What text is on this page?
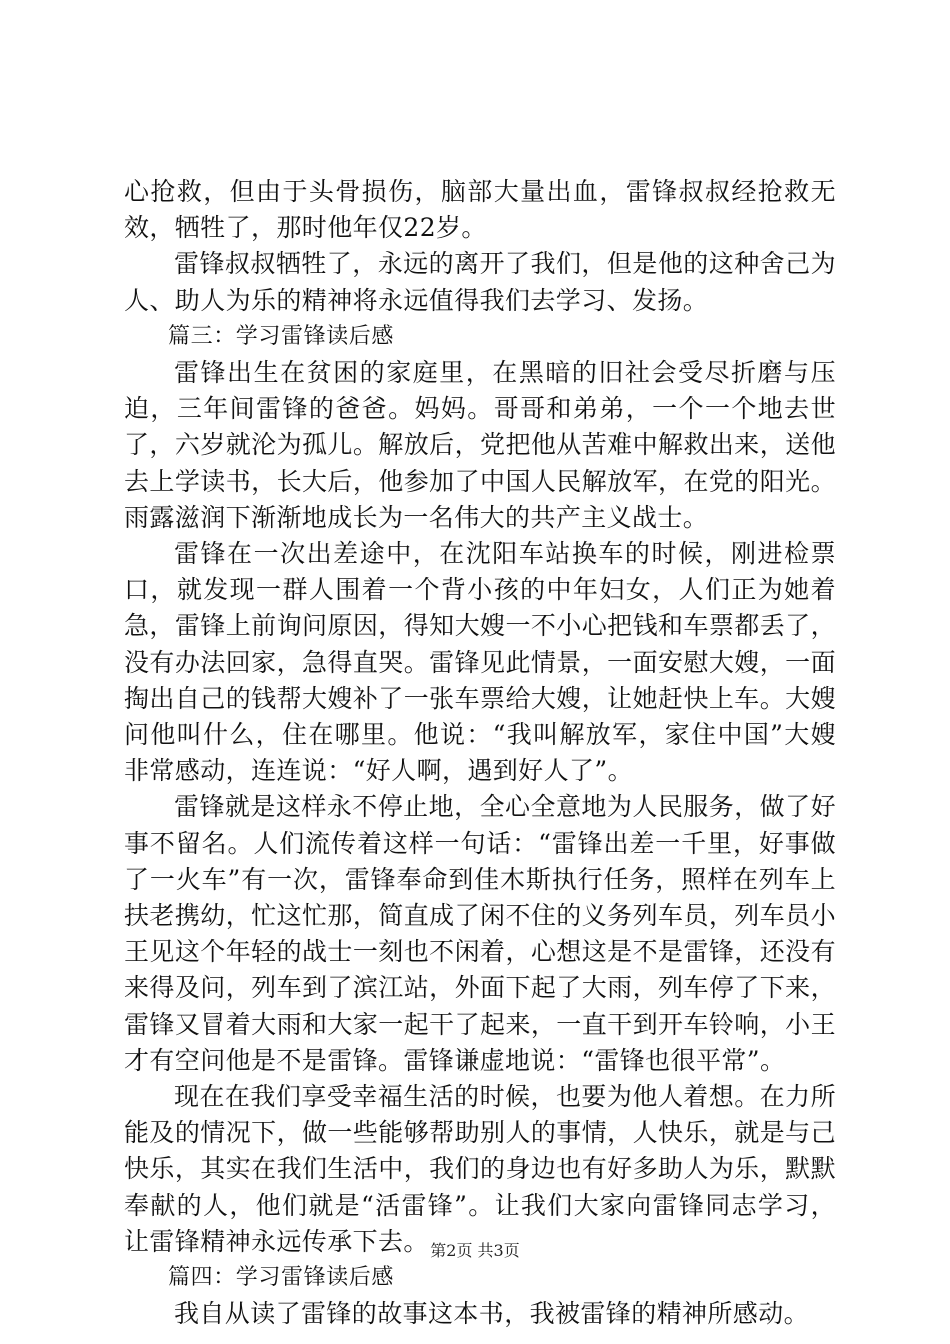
心抢救，但由于头骨损伤，脑部大量出血，雷锋叔叔经抢救无效，牺牲了，那时他年仅22岁。

雷锋叔叔牺牲了，永远的离开了我们，但是他的这种舍己为人、助人为乐的精神将永远值得我们去学习、发扬。

篇三：学习雷锋读后感

雷锋出生在贫困的家庭里，在黑暗的旧社会受尽折磨与压迫，三年间雷锋的爸爸。妈妈。哥哥和弟弟，一个一个地去世了，六岁就沦为孤儿。解放后，党把他从苦难中解救出来，送他去上学读书，长大后，他参加了中国人民解放军，在党的阳光。雨露滋润下渐渐地成长为一名伟大的共产主义战士。

雷锋在一次出差途中，在沈阳车站换车的时候，刚进检票口，就发现一群人围着一个背小孩的中年妇女，人们正为她着急，雷锋上前询问原因，得知大嫂一不小心把钱和车票都丢了，没有办法回家，急得直哭。雷锋见此情景，一面安慰大嫂，一面掏出自己的钱帮大嫂补了一张车票给大嫂，让她赶快上车。大嫂问他叫什么，住在哪里。他说：“我叫解放军，家住中国”大嫂非常感动，连连说：“好人啊，遇到好人了”。

雷锋就是这样永不停止地，全心全意地为人民服务，做了好事不留名。人们流传着这样一句话：“雷锋出差一千里，好事做了一火车”有一次，雷锋奉命到佳木斯执行任务，照样在列车上扶老携幼，忙这忙那，简直成了闲不住的义务列车员，列车员小王见这个年轻的战士一刻也不闲着，心想这是不是雷锋，还没有来得及问，列车到了滨江站，外面下起了大雨，列车停了下来，雷锋又冒着大雨和大家一起干了起来，一直干到开车铃响，小王才有空问他是不是雷锋。雷锋谦虚地说：“雷锋也很平常”。

现在在我们享受幸福生活的时候，也要为他人着想。在力所能及的情况下，做一些能够帮助别人的事情，人快乐，就是与己快乐，其实在我们生活中，我们的身边也有好多助人为乐，默默奉献的人，他们就是“活雷锋”。让我们大家向雷锋同志学习，让雷锋精神永远传承下去。

篇四：学习雷锋读后感

我自从读了雷锋的故事这本书，我被雷锋的精神所感动。

第2页 共3页
